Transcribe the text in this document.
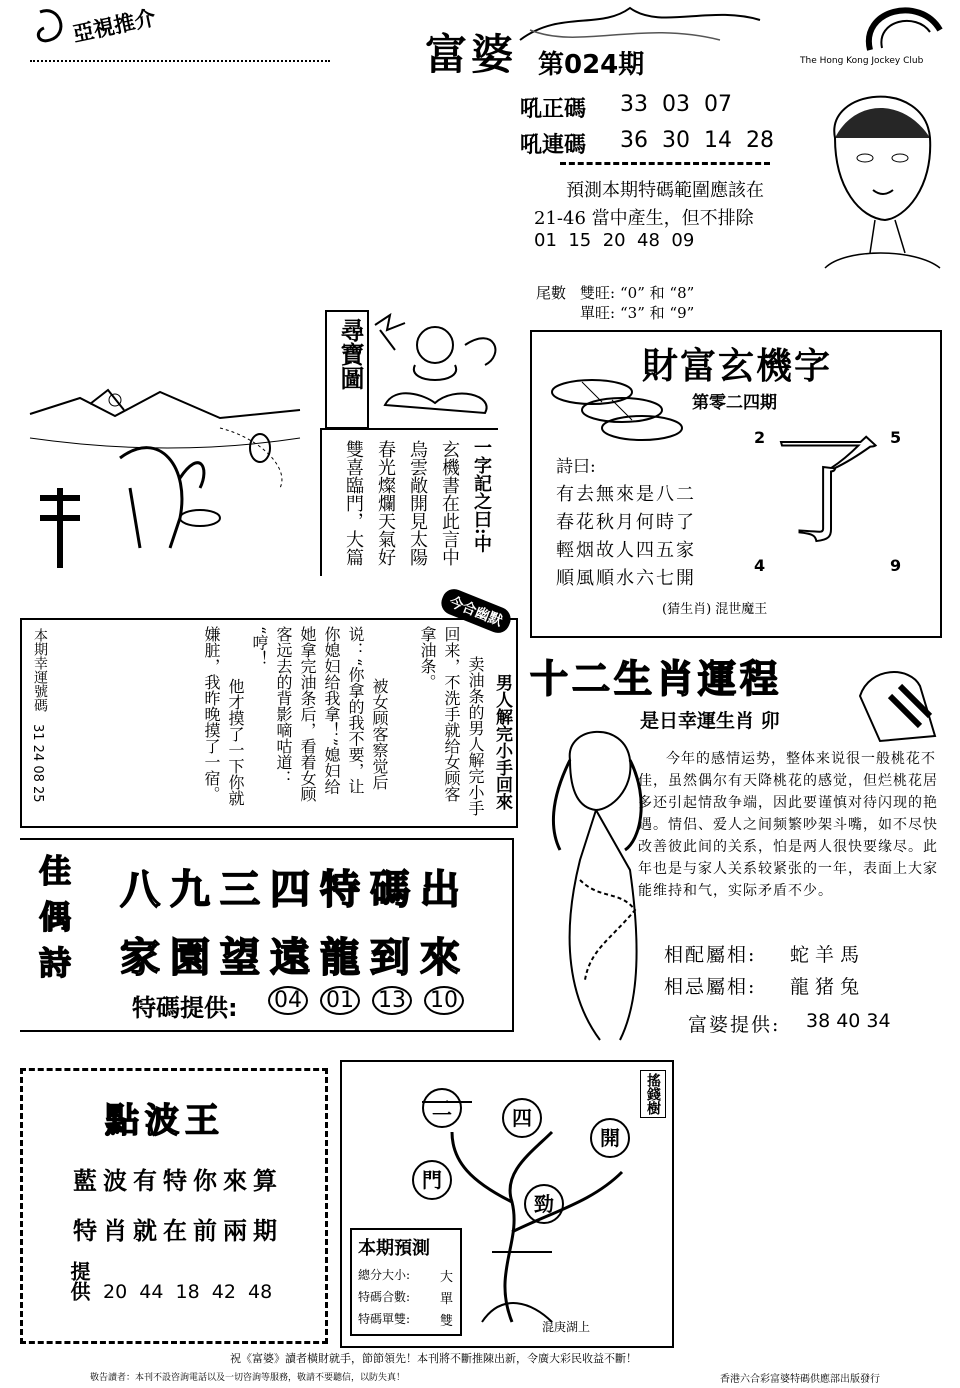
亞視推介
富婆 第024期	The Hong Kong Jockey Club
吼正碼 33  03  07
吼連碼 36  30  14  28
預測本期特碼範圍應該在
21-46 當中產生，但不排除
01  15  20  48  09
尾數 雙旺: “0” 和 “8”
單旺: “3” 和 “9”
尋寶圖
一字記之曰:中
玄機書在此言中
烏雲敞開見太陽
春光燦爛天氣好
雙喜臨門，大篇
財富玄機字
第零二四期
2	5
4	9
了
詩曰:
有去無來是八二
春花秋月何時了
輕烟故人四五家
順風順水六七開
(猜生肖) 混世魔王
本期幸運號碼
31 24 08 25	嫌脏，我昨晚摸了一宿。 他才摸了一下你就
“哼！ 客远去的背影嘀咕道： 她拿完油条后，看着女顾 你媳妇给我拿！”媳妇给 说：“你拿的我不要，让 被女顾客察觉后
拿油条。 回来，不洗手就给女顾客 卖油条的男人解完小手 男人解完小手回來
今合幽默
十二生肖運程
是日幸運生肖 卯
今年的感情运势，整体来说很一般桃花不佳，虽然偶尔有天降桃花的感觉，但烂桃花居多还引起情敌争端，因此要谨慎对待闪现的艳遇。情侣、爱人之间频繁吵架斗嘴，如不尽快改善彼此间的关系，怕是两人很快要缘尽。此年也是与家人关系较紧张的一年，表面上大家能维持和气，实际矛盾不少。
相配屬相: 蛇 羊 馬
相忌屬相: 龍 猪 兔
富婆提供: 38 40 34
佳偶詩 八九三四特碼出
家園望遠龍到來
特碼提供: 04 01 13 10
點波王
藍波有特你來算
特肖就在前兩期
提供 20  44  18  42  48
搖錢樹
二	四
開
門
勁
混庚湖上
本期預測
總分大小: 大
特碼合數: 單
特碼單雙: 雙
祝《富婆》讀者橫財就手，節節領先！本刊將不斷推陳出新，令廣大彩民收益不斷！
敬告讀者：本刊不設咨詢電話以及一切咨詢等服務，敬請不要聽信，以防失真！	香港六合彩富婆特碼供應部出版發行
